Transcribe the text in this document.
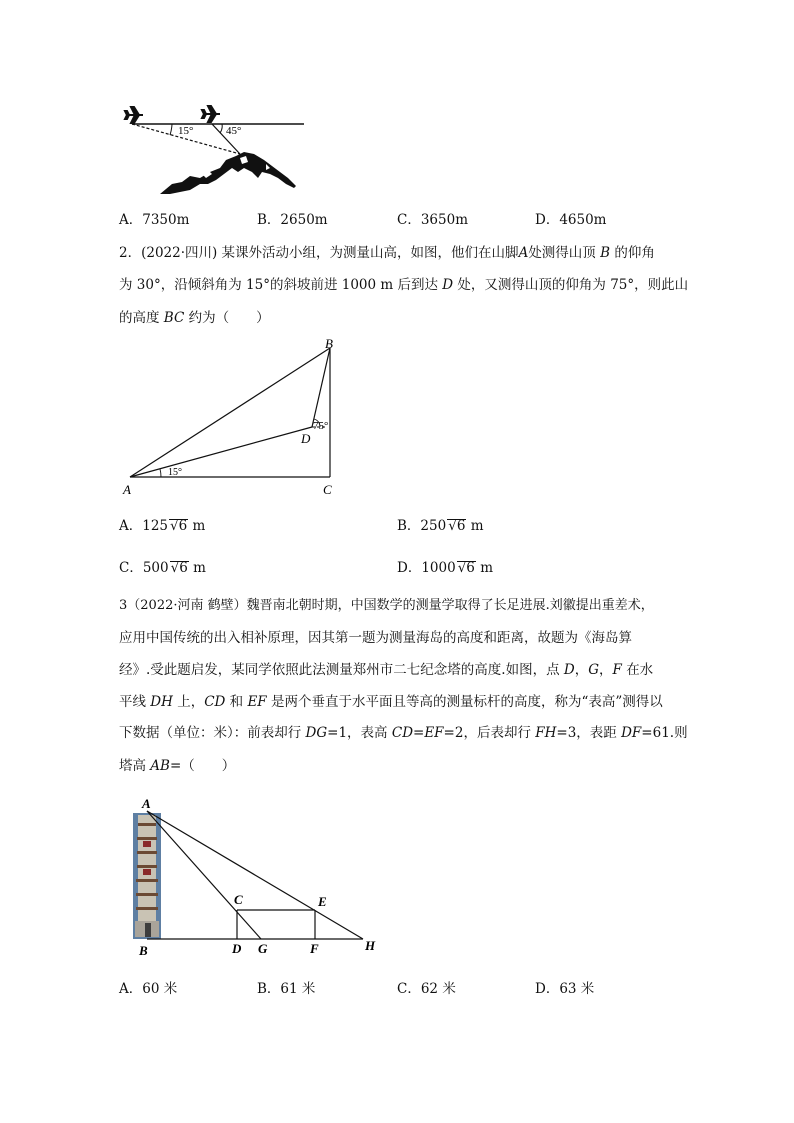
15°	45°
A．7350m	B．2650m	C．3650m	D．4650m
2．(2022·四川) 某课外活动小组，为测量山高，如图，他们在山脚A处测得山顶 B 的仰角
为 30°，沿倾斜角为 15°的斜坡前进 1000 m 后到达 D 处，又测得山顶的仰角为 75°，则此山
的高度 BC 约为（　　）
B
D
75°
15°
A	C
A．125 √6 m	B．250 √6 m
C．500 √6 m	D．1000 √6 m
3（2022·河南 鹤壁）魏晋南北朝时期，中国数学的测量学取得了长足进展.刘徽提出重差术，
应用中国传统的出入相补原理，因其第一题为测量海岛的高度和距离，故题为《海岛算
经》.受此题启发，某同学依照此法测量郑州市二七纪念塔的高度.如图，点 D，G，F 在水
平线 DH 上，CD 和 EF 是两个垂直于水平面且等高的测量标杆的高度，称为“表高”测得以
下数据（单位：米）：前表却行 DG=1，表高 CD=EF=2，后表却行 FH=3，表距 DF=61.则
塔高 AB=（　　）
A
B
C
D G
E
F	H
A．60 米	B．61 米	C．62 米	D．63 米
